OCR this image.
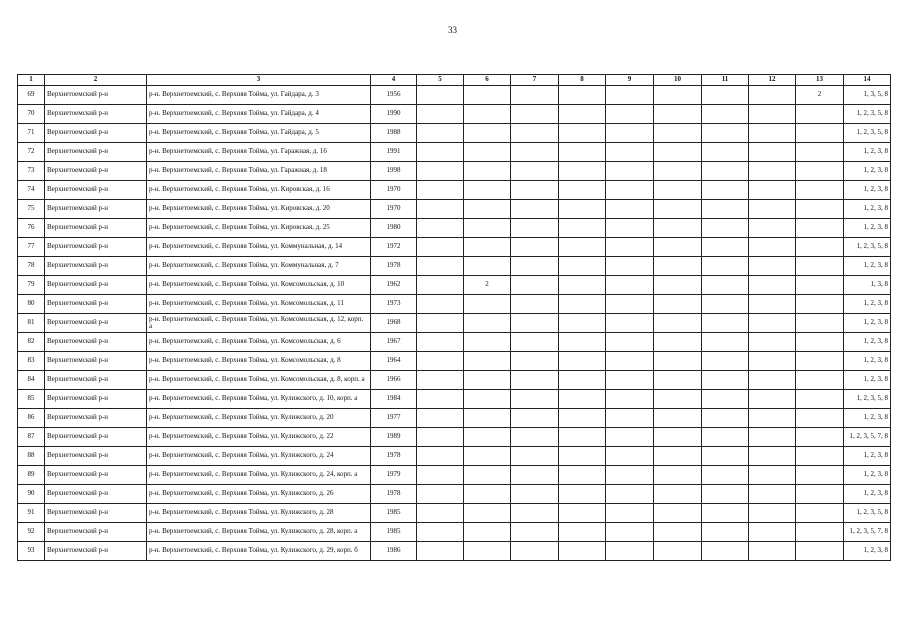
33
1	2	3	4	5	6	7	8	9	10	11	12	13	14
69	Верхнетоемский р-н	р-н. Верхнетоемский, с. Верхняя Тойма, ул. Гайдара, д. 3	1956									2	1, 3, 5, 8
70	Верхнетоемский р-н	р-н. Верхнетоемский, с. Верхняя Тойма, ул. Гайдара, д. 4	1990										1, 2, 3, 5, 8
71	Верхнетоемский р-н	р-н. Верхнетоемский, с. Верхняя Тойма, ул. Гайдара, д. 5	1988										1, 2, 3, 5, 8
72	Верхнетоемский р-н	р-н. Верхнетоемский, с. Верхняя Тойма, ул. Гаражная, д. 16	1991										1, 2, 3, 8
73	Верхнетоемский р-н	р-н. Верхнетоемский, с. Верхняя Тойма, ул. Гаражная, д. 18	1998										1, 2, 3, 8
74	Верхнетоемский р-н	р-н. Верхнетоемский, с. Верхняя Тойма, ул. Кировская, д. 16	1970										1, 2, 3, 8
75	Верхнетоемский р-н	р-н. Верхнетоемский, с. Верхняя Тойма, ул. Кировская, д. 20	1970										1, 2, 3, 8
76	Верхнетоемский р-н	р-н. Верхнетоемский, с. Верхняя Тойма, ул. Кировская, д. 25	1980										1, 2, 3, 8
77	Верхнетоемский р-н	р-н. Верхнетоемский, с. Верхняя Тойма, ул. Коммунальная, д. 14	1972										1, 2, 3, 5, 8
78	Верхнетоемский р-н	р-н. Верхнетоемский, с. Верхняя Тойма, ул. Коммунальная, д. 7	1978										1, 2, 3, 8
79	Верхнетоемский р-н	р-н. Верхнетоемский, с. Верхняя Тойма, ул. Комсомольская, д. 10	1962		2								1, 3, 8
80	Верхнетоемский р-н	р-н. Верхнетоемский, с. Верхняя Тойма, ул. Комсомольская, д. 11	1973										1, 2, 3, 8
81	Верхнетоемский р-н	р-н. Верхнетоемский, с. Верхняя Тойма, ул. Комсомольская, д. 12, корп. а	1968										1, 2, 3, 8
82	Верхнетоемский р-н	р-н. Верхнетоемский, с. Верхняя Тойма, ул. Комсомольская, д. 6	1967										1, 2, 3, 8
83	Верхнетоемский р-н	р-н. Верхнетоемский, с. Верхняя Тойма, ул. Комсомольская, д. 8	1964										1, 2, 3, 8
84	Верхнетоемский р-н	р-н. Верхнетоемский, с. Верхняя Тойма, ул. Комсомольская, д. 8, корп. а	1966										1, 2, 3, 8
85	Верхнетоемский р-н	р-н. Верхнетоемский, с. Верхняя Тойма, ул. Кулижского, д. 10, корп. а	1984										1, 2, 3, 5, 8
86	Верхнетоемский р-н	р-н. Верхнетоемский, с. Верхняя Тойма, ул. Кулижского, д. 20	1977										1, 2, 3, 8
87	Верхнетоемский р-н	р-н. Верхнетоемский, с. Верхняя Тойма, ул. Кулижского, д. 22	1989										1, 2, 3, 5, 7, 8
88	Верхнетоемский р-н	р-н. Верхнетоемский, с. Верхняя Тойма, ул. Кулижского, д. 24	1978										1, 2, 3, 8
89	Верхнетоемский р-н	р-н. Верхнетоемский, с. Верхняя Тойма, ул. Кулижского, д. 24, корп. а	1979										1, 2, 3, 8
90	Верхнетоемский р-н	р-н. Верхнетоемский, с. Верхняя Тойма, ул. Кулижского, д. 26	1978										1, 2, 3, 8
91	Верхнетоемский р-н	р-н. Верхнетоемский, с. Верхняя Тойма, ул. Кулижского, д. 28	1985										1, 2, 3, 5, 8
92	Верхнетоемский р-н	р-н. Верхнетоемский, с. Верхняя Тойма, ул. Кулижского, д. 28, корп. а	1985										1, 2, 3, 5, 7, 8
93	Верхнетоемский р-н	р-н. Верхнетоемский, с. Верхняя Тойма, ул. Кулижского, д. 29, корп. б	1986										1, 2, 3, 8
